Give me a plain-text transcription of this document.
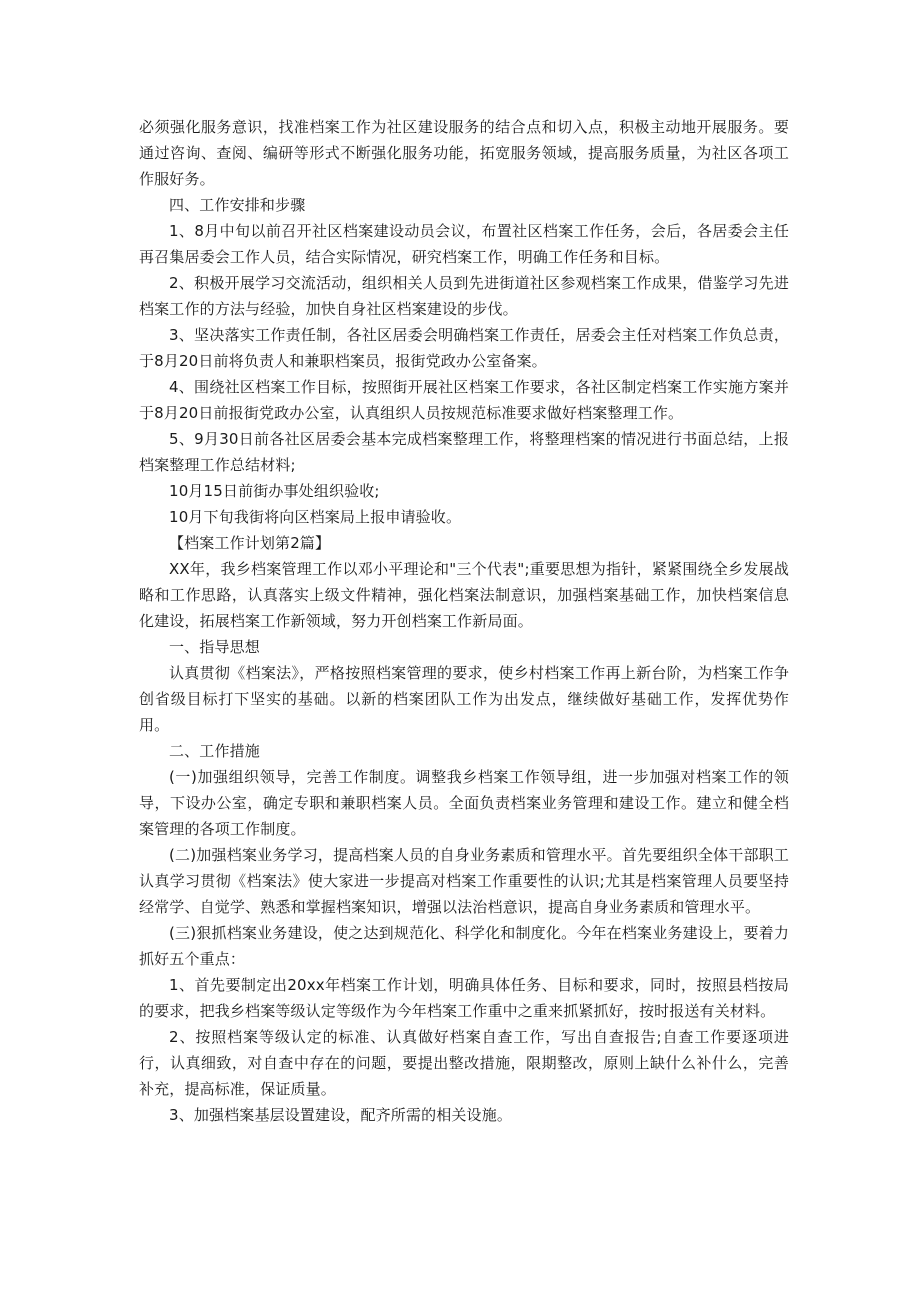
必须强化服务意识，找准档案工作为社区建设服务的结合点和切入点，积极主动地开展服务。要通过咨询、查阅、编研等形式不断强化服务功能，拓宽服务领域，提高服务质量，为社区各项工作服好务。

四、工作安排和步骤

1、8月中旬以前召开社区档案建设动员会议，布置社区档案工作任务，会后，各居委会主任再召集居委会工作人员，结合实际情况，研究档案工作，明确工作任务和目标。

2、积极开展学习交流活动，组织相关人员到先进街道社区参观档案工作成果，借鉴学习先进档案工作的方法与经验，加快自身社区档案建设的步伐。

3、坚决落实工作责任制，各社区居委会明确档案工作责任，居委会主任对档案工作负总责，于8月20日前将负责人和兼职档案员，报街党政办公室备案。

4、围绕社区档案工作目标，按照街开展社区档案工作要求，各社区制定档案工作实施方案并于8月20日前报街党政办公室，认真组织人员按规范标准要求做好档案整理工作。

5、9月30日前各社区居委会基本完成档案整理工作，将整理档案的情况进行书面总结，上报档案整理工作总结材料;

10月15日前街办事处组织验收;

10月下旬我街将向区档案局上报申请验收。

【档案工作计划第2篇】

XX年，我乡档案管理工作以邓小平理论和"三个代表";重要思想为指针，紧紧围绕全乡发展战略和工作思路，认真落实上级文件精神，强化档案法制意识，加强档案基础工作，加快档案信息化建设，拓展档案工作新领域，努力开创档案工作新局面。

一、指导思想

认真贯彻《档案法》，严格按照档案管理的要求，使乡村档案工作再上新台阶，为档案工作争创省级目标打下坚实的基础。以新的档案团队工作为出发点，继续做好基础工作，发挥优势作用。

二、工作措施

(一)加强组织领导，完善工作制度。调整我乡档案工作领导组，进一步加强对档案工作的领导，下设办公室，确定专职和兼职档案人员。全面负责档案业务管理和建设工作。建立和健全档案管理的各项工作制度。

(二)加强档案业务学习，提高档案人员的自身业务素质和管理水平。首先要组织全体干部职工认真学习贯彻《档案法》使大家进一步提高对档案工作重要性的认识;尤其是档案管理人员要坚持经常学、自觉学、熟悉和掌握档案知识，增强以法治档意识，提高自身业务素质和管理水平。

(三)狠抓档案业务建设，使之达到规范化、科学化和制度化。今年在档案业务建设上，要着力抓好五个重点：

1、首先要制定出20xx年档案工作计划，明确具体任务、目标和要求，同时，按照县档按局的要求，把我乡档案等级认定等级作为今年档案工作重中之重来抓紧抓好，按时报送有关材料。

2、按照档案等级认定的标准、认真做好档案自查工作，写出自查报告;自查工作要逐项进行，认真细致，对自查中存在的问题，要提出整改措施，限期整改，原则上缺什么补什么，完善补充，提高标准，保证质量。

3、加强档案基层设置建设，配齐所需的相关设施。
